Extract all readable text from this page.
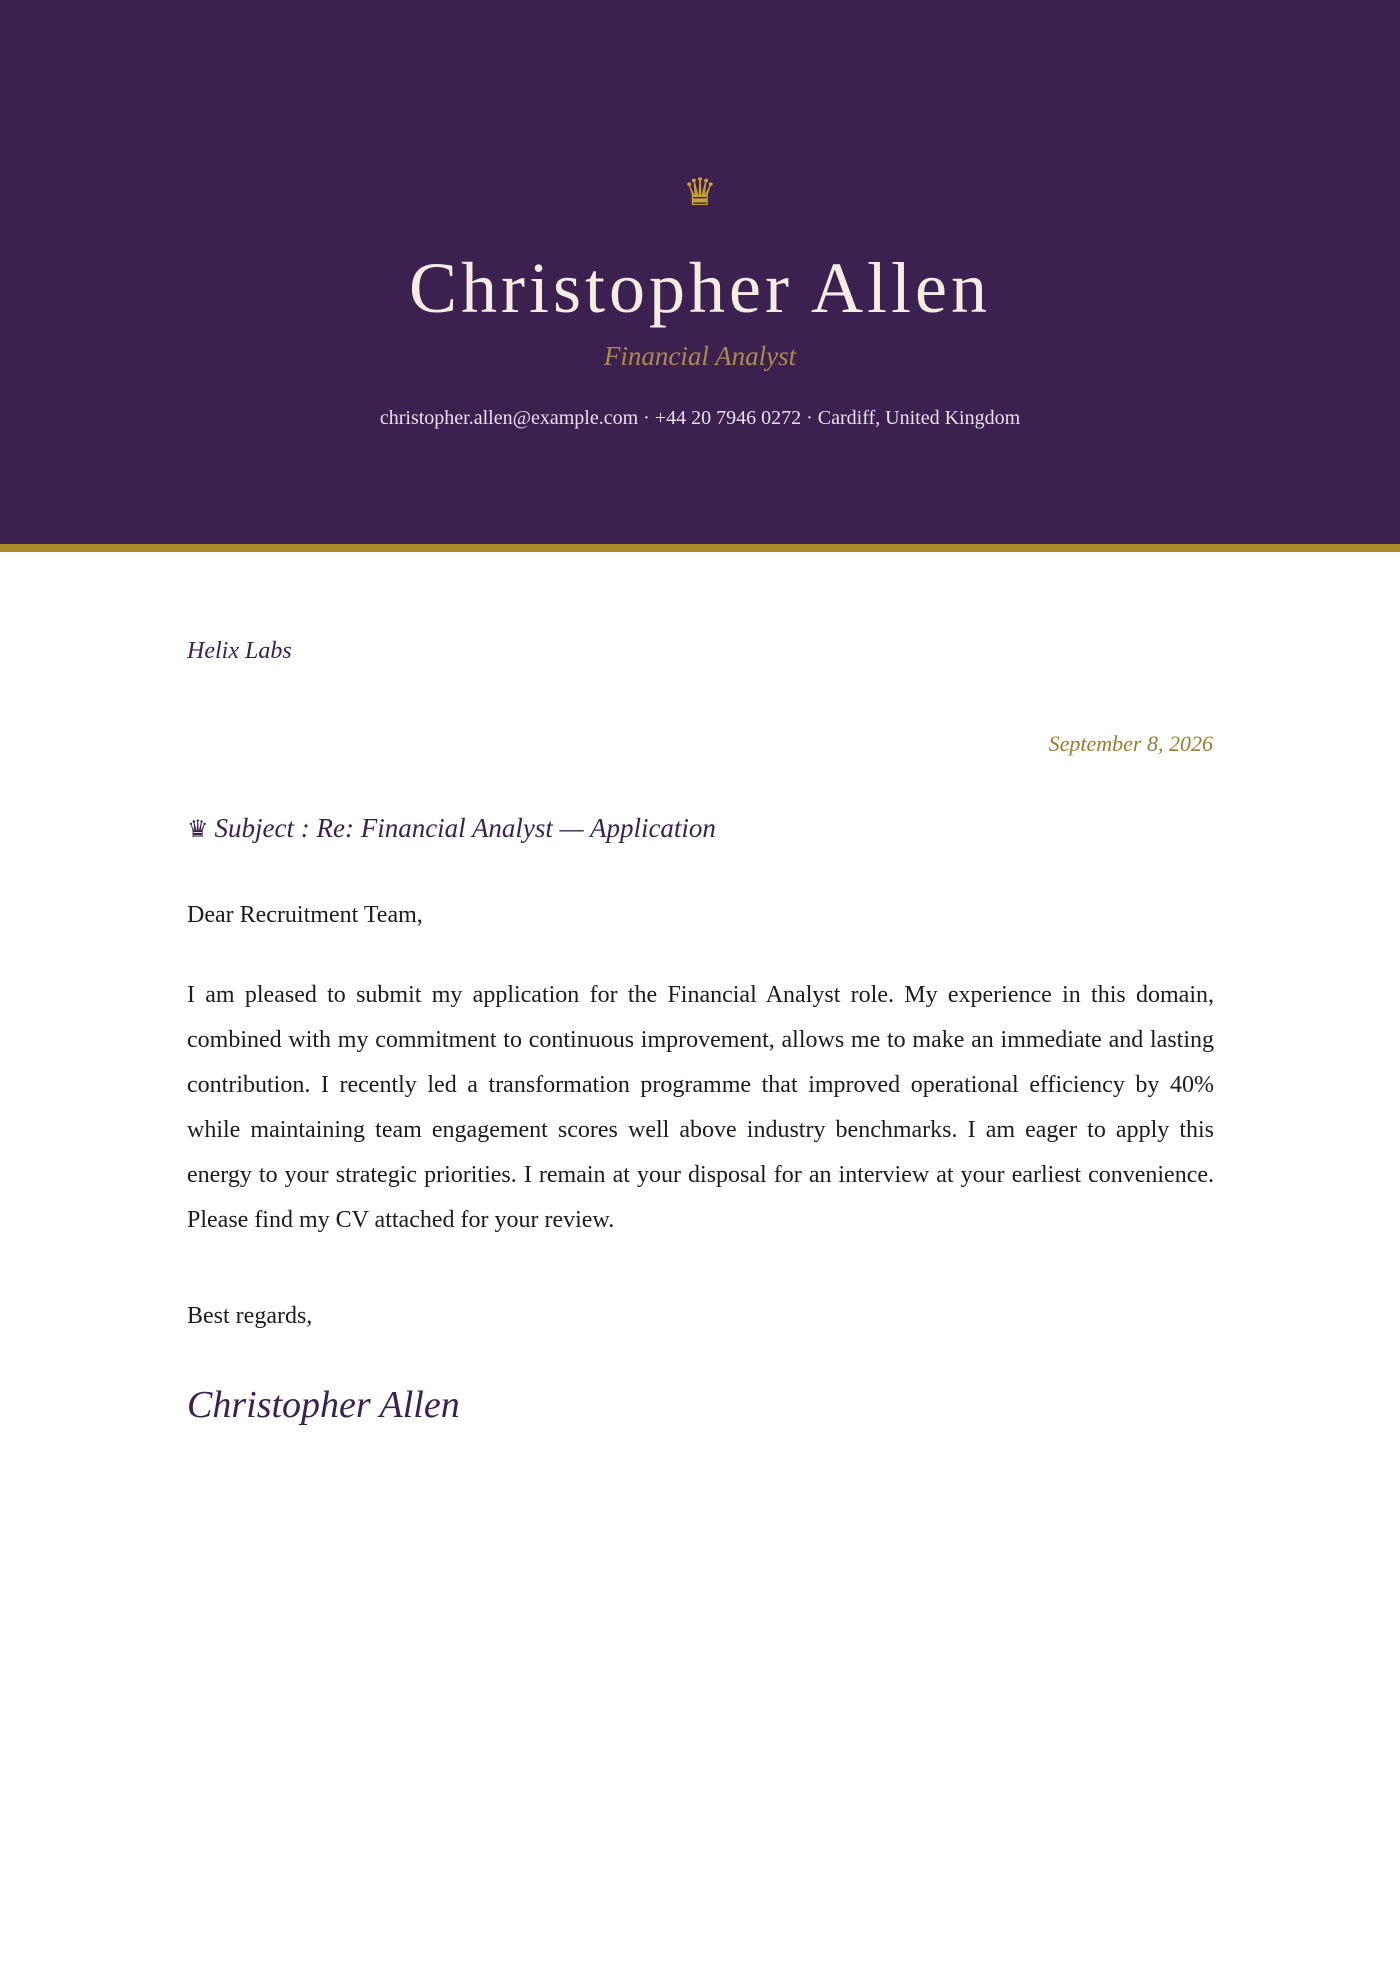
♛
Christopher Allen
Financial Analyst
christopher.allen@example.com · +44 20 7946 0272 · Cardiff, United Kingdom
Helix Labs
September 8, 2026
♛ Subject : Re: Financial Analyst — Application
Dear Recruitment Team,
I am pleased to submit my application for the Financial Analyst role. My experience in this domain, combined with my commitment to continuous improvement, allows me to make an immediate and lasting contribution. I recently led a transformation programme that improved operational efficiency by 40% while maintaining team engagement scores well above industry benchmarks. I am eager to apply this energy to your strategic priorities. I remain at your disposal for an interview at your earliest convenience. Please find my CV attached for your review.
Best regards,
Christopher Allen
